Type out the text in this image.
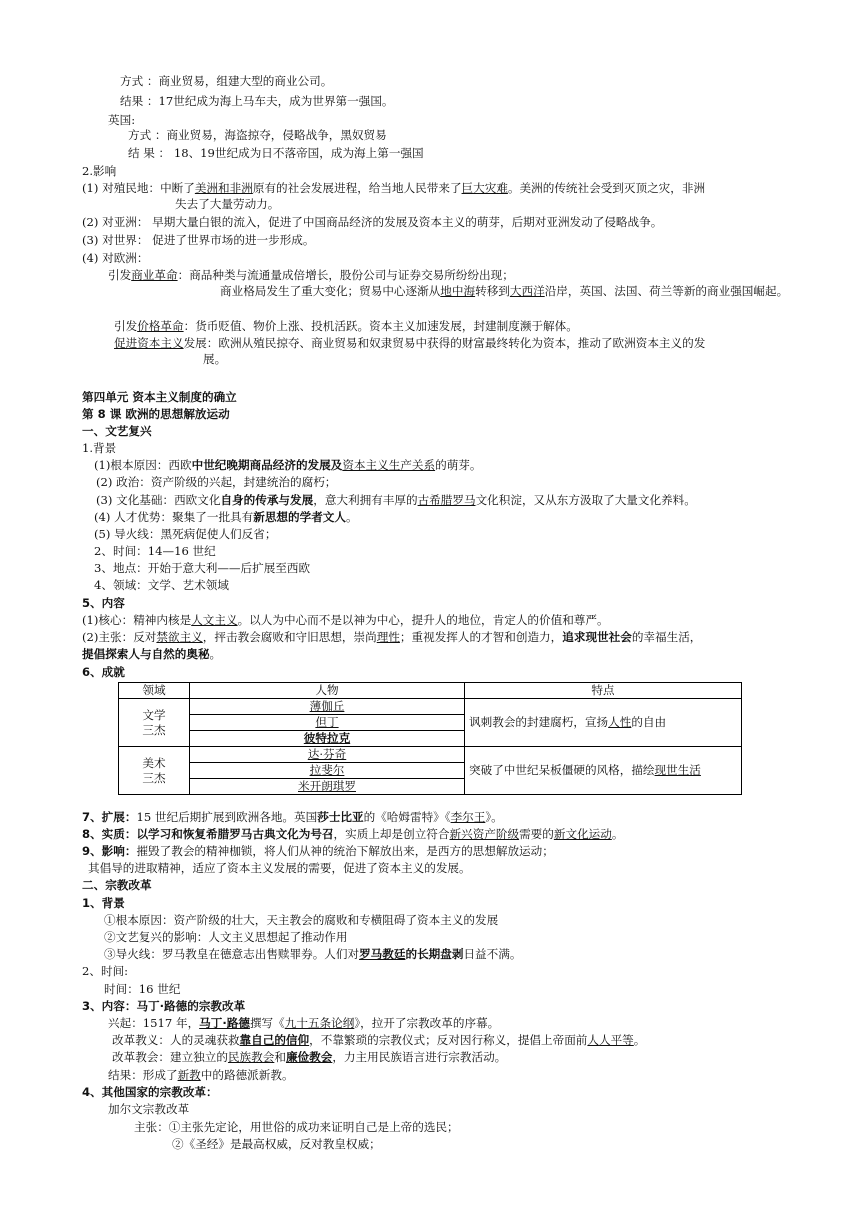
方式 ：商业贸易，组建大型的商业公司。
结果 ：17世纪成为海上马车夫，成为世界第一强国。
英国:
方式 ：商业贸易，海盗掠夺，侵略战争，黑奴贸易
结 果 ： 18、19世纪成为日不落帝国，成为海上第一强国
2.影响
(1) 对殖民地：中断了美洲和非洲原有的社会发展进程，给当地人民带来了巨大灾难。美洲的传统社会受到灭顶之灾，非洲
失去了大量劳动力。
(2) 对亚洲： 早期大量白银的流入，促进了中国商品经济的发展及资本主义的萌芽，后期对亚洲发动了侵略战争。
(3) 对世界： 促进了世界市场的进一步形成。
(4) 对欧洲：
引发商业革命：商品种类与流通量成倍增长，股份公司与证券交易所纷纷出现；
商业格局发生了重大变化；贸易中心逐渐从地中海转移到大西洋沿岸，英国、法国、荷兰等新的商业强国崛起。
引发价格革命：货币贬值、物价上涨、投机活跃。资本主义加速发展，封建制度濒于解体。
促进资本主义发展：欧洲从殖民掠夺、商业贸易和奴隶贸易中获得的财富最终转化为资本，推动了欧洲资本主义的发
展。
第四单元 资本主义制度的确立
第 8 课 欧洲的思想解放运动
一、文艺复兴
1.背景
(1)根本原因：西欧中世纪晚期商品经济的发展及资本主义生产关系的萌芽。
(2) 政治：资产阶级的兴起，封建统治的腐朽；
(3) 文化基础：西欧文化自身的传承与发展，意大利拥有丰厚的古希腊罗马文化积淀，又从东方汲取了大量文化养料。
(4) 人才优势：聚集了一批具有新思想的学者文人。
(5) 导火线：黑死病促使人们反省；
2、时间：14—16 世纪
3、地点：开始于意大利——后扩展至西欧
4、领域：文学、艺术领域
5、内容
(1)核心：精神内核是人文主义。以人为中心而不是以神为中心，提升人的地位，肯定人的价值和尊严。
(2)主张：反对禁欲主义，抨击教会腐败和守旧思想，崇尚理性；重视发挥人的才智和创造力，追求现世社会的幸福生活，
提倡探索人与自然的奥秘。
6、成就
领域	人物	特点
文学
三杰	薄伽丘	讽刺教会的封建腐朽，宣扬人性的自由
	但丁	
	彼特拉克	
美术
三杰	达·芬奇	突破了中世纪呆板僵硬的风格，描绘现世生活
	拉斐尔	
	米开朗琪罗	
7、扩展：15 世纪后期扩展到欧洲各地。英国莎士比亚的《哈姆雷特》《李尔王》。
8、实质：以学习和恢复希腊罗马古典文化为号召，实质上却是创立符合新兴资产阶级需要的新文化运动。
9、影响：摧毁了教会的精神枷锁，将人们从神的统治下解放出来，是西方的思想解放运动；
其倡导的进取精神，适应了资本主义发展的需要，促进了资本主义的发展。
二、宗教改革
1、背景
①根本原因：资产阶级的壮大，天主教会的腐败和专横阻碍了资本主义的发展
②文艺复兴的影响：人文主义思想起了推动作用
③导火线：罗马教皇在德意志出售赎罪券。人们对罗马教廷的长期盘剥日益不满。
2、时间:
时间：16 世纪
3、内容：马丁·路德的宗教改革
兴起：1517 年，马丁·路德撰写《九十五条论纲》，拉开了宗教改革的序幕。
改革教义：人的灵魂获救靠自己的信仰，不靠繁琐的宗教仪式；反对因行称义，提倡上帝面前人人平等。
改革教会：建立独立的民族教会和廉俭教会，力主用民族语言进行宗教活动。
结果：形成了新教中的路德派新教。
4、其他国家的宗教改革：
加尔文宗教改革
主张：①主张先定论，用世俗的成功来证明自己是上帝的选民；
②《圣经》是最高权威，反对教皇权威；
